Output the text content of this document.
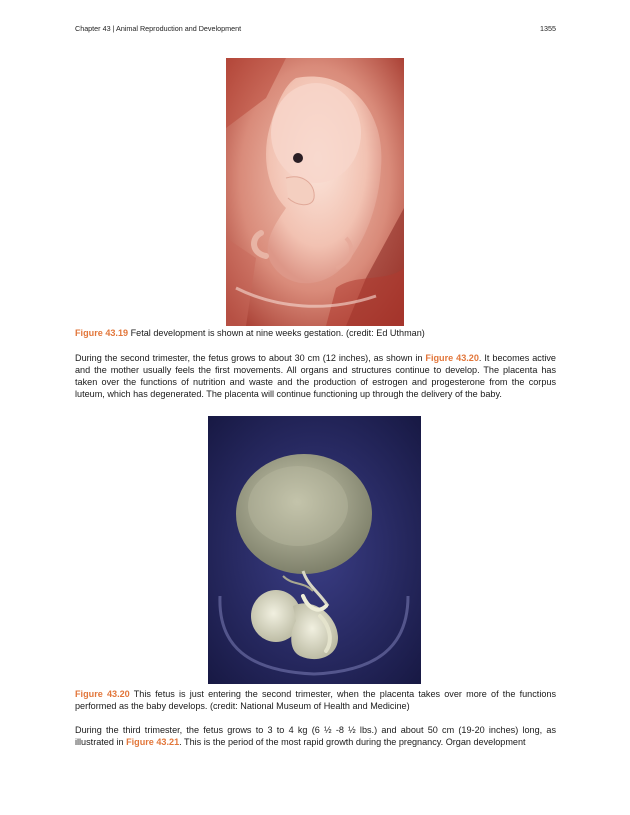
Chapter 43 | Animal Reproduction and Development	1355
Figure 43.19 Fetal development is shown at nine weeks gestation. (credit: Ed Uthman)
During the second trimester, the fetus grows to about 30 cm (12 inches), as shown in Figure 43.20. It becomes active and the mother usually feels the first movements. All organs and structures continue to develop. The placenta has taken over the functions of nutrition and waste and the production of estrogen and progesterone from the corpus luteum, which has degenerated. The placenta will continue functioning up through the delivery of the baby.
Figure 43.20 This fetus is just entering the second trimester, when the placenta takes over more of the functions performed as the baby develops. (credit: National Museum of Health and Medicine)
During the third trimester, the fetus grows to 3 to 4 kg (6 ½ -8 ½ lbs.) and about 50 cm (19-20 inches) long, as illustrated in Figure 43.21. This is the period of the most rapid growth during the pregnancy. Organ development
